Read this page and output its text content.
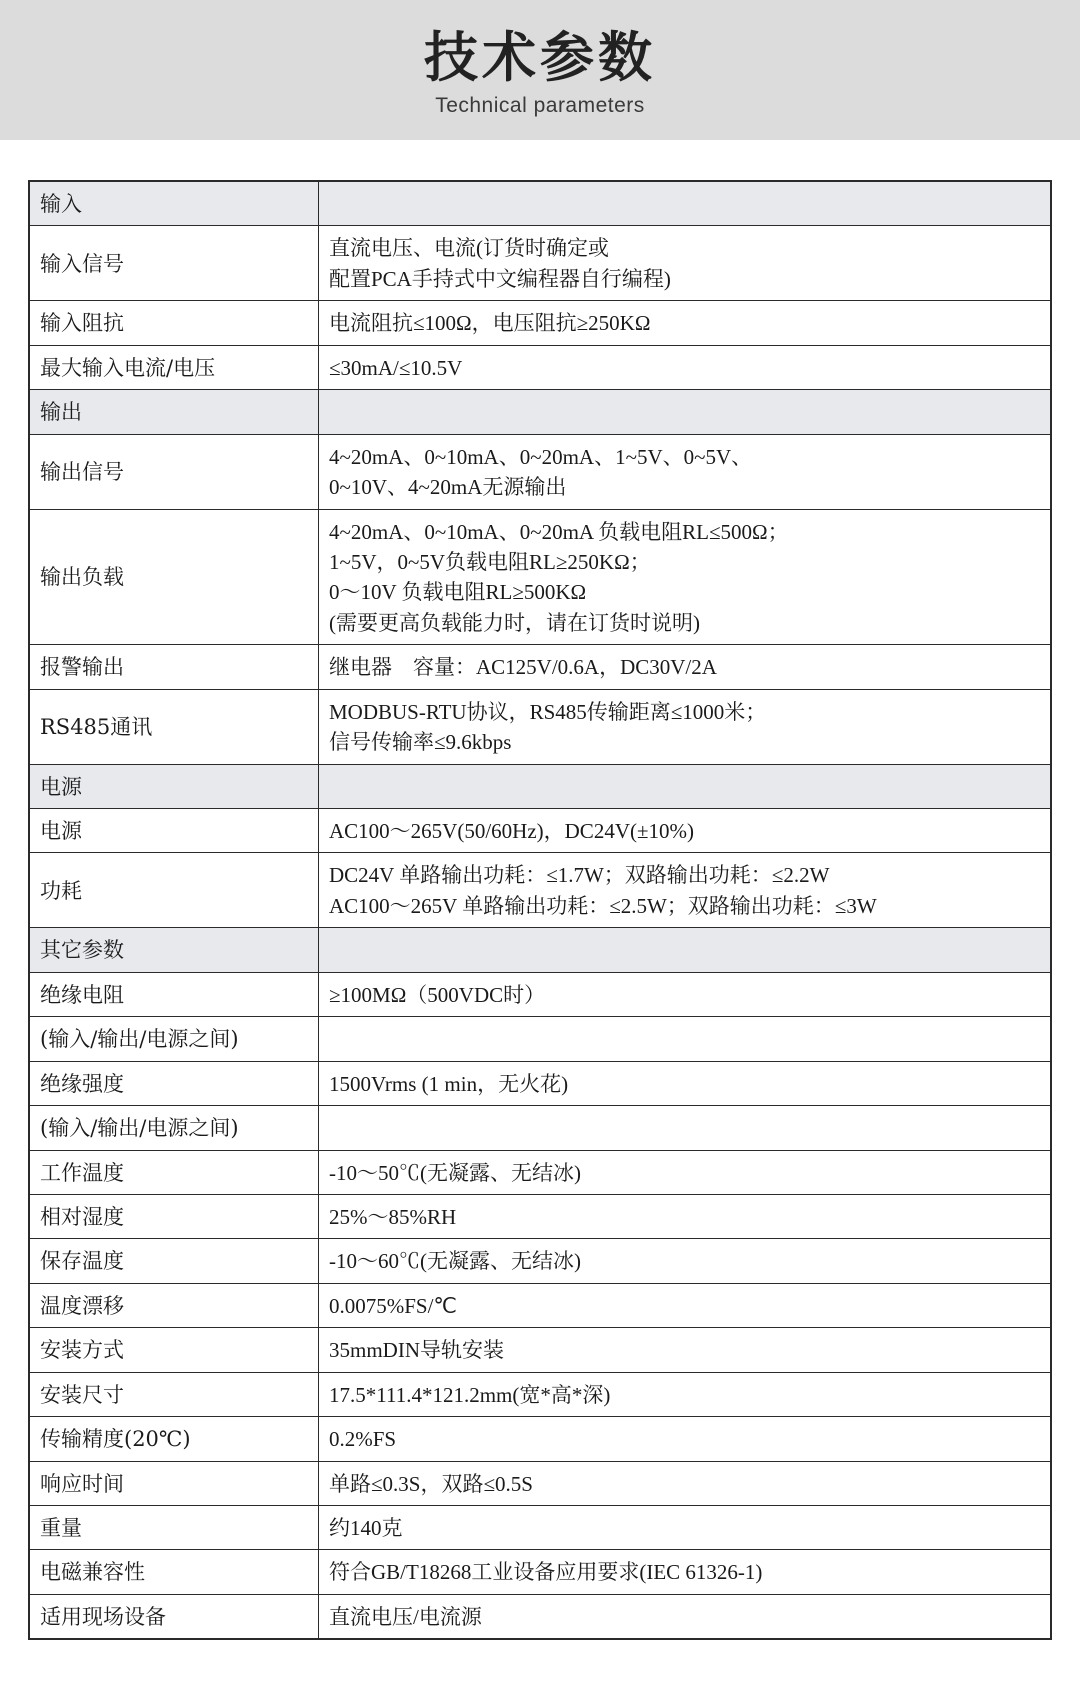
技术参数
Technical parameters
输入	

输入信号	直流电压、电流(订货时确定或
配置PCA手持式中文编程器自行编程)

输入阻抗	电流阻抗≤100Ω，电压阻抗≥250KΩ

最大输入电流/电压	≤30mA/≤10.5V

输出	

输出信号	4~20mA、0~10mA、0~20mA、1~5V、0~5V、
0~10V、4~20mA无源输出

输出负载	4~20mA、0~10mA、0~20mA 负载电阻RL≤500Ω；
1~5V，0~5V负载电阻RL≥250KΩ；
0～10V 负载电阻RL≥500KΩ
(需要更高负载能力时，请在订货时说明)

报警输出	继电器　容量：AC125V/0.6A，DC30V/2A

RS485通讯	MODBUS-RTU协议，RS485传输距离≤1000米；
信号传输率≤9.6kbps

电源	

电源	AC100～265V(50/60Hz)，DC24V(±10%)

功耗	DC24V 单路输出功耗：≤1.7W；双路输出功耗：≤2.2W
AC100～265V 单路输出功耗：≤2.5W；双路输出功耗：≤3W

其它参数	

绝缘电阻	≥100MΩ（500VDC时）

(输入/输出/电源之间)	

绝缘强度	1500Vrms (1 min，无火花)

(输入/输出/电源之间)	

工作温度	-10～50℃(无凝露、无结冰)

相对湿度	25%～85%RH

保存温度	-10～60℃(无凝露、无结冰)

温度漂移	0.0075%FS/℃

安装方式	35mmDIN导轨安装

安装尺寸	17.5*111.4*121.2mm(宽*高*深)

传输精度(20℃)	0.2%FS

响应时间	单路≤0.3S，双路≤0.5S

重量	约140克

电磁兼容性	符合GB/T18268工业设备应用要求(IEC 61326-1)

适用现场设备	直流电压/电流源
